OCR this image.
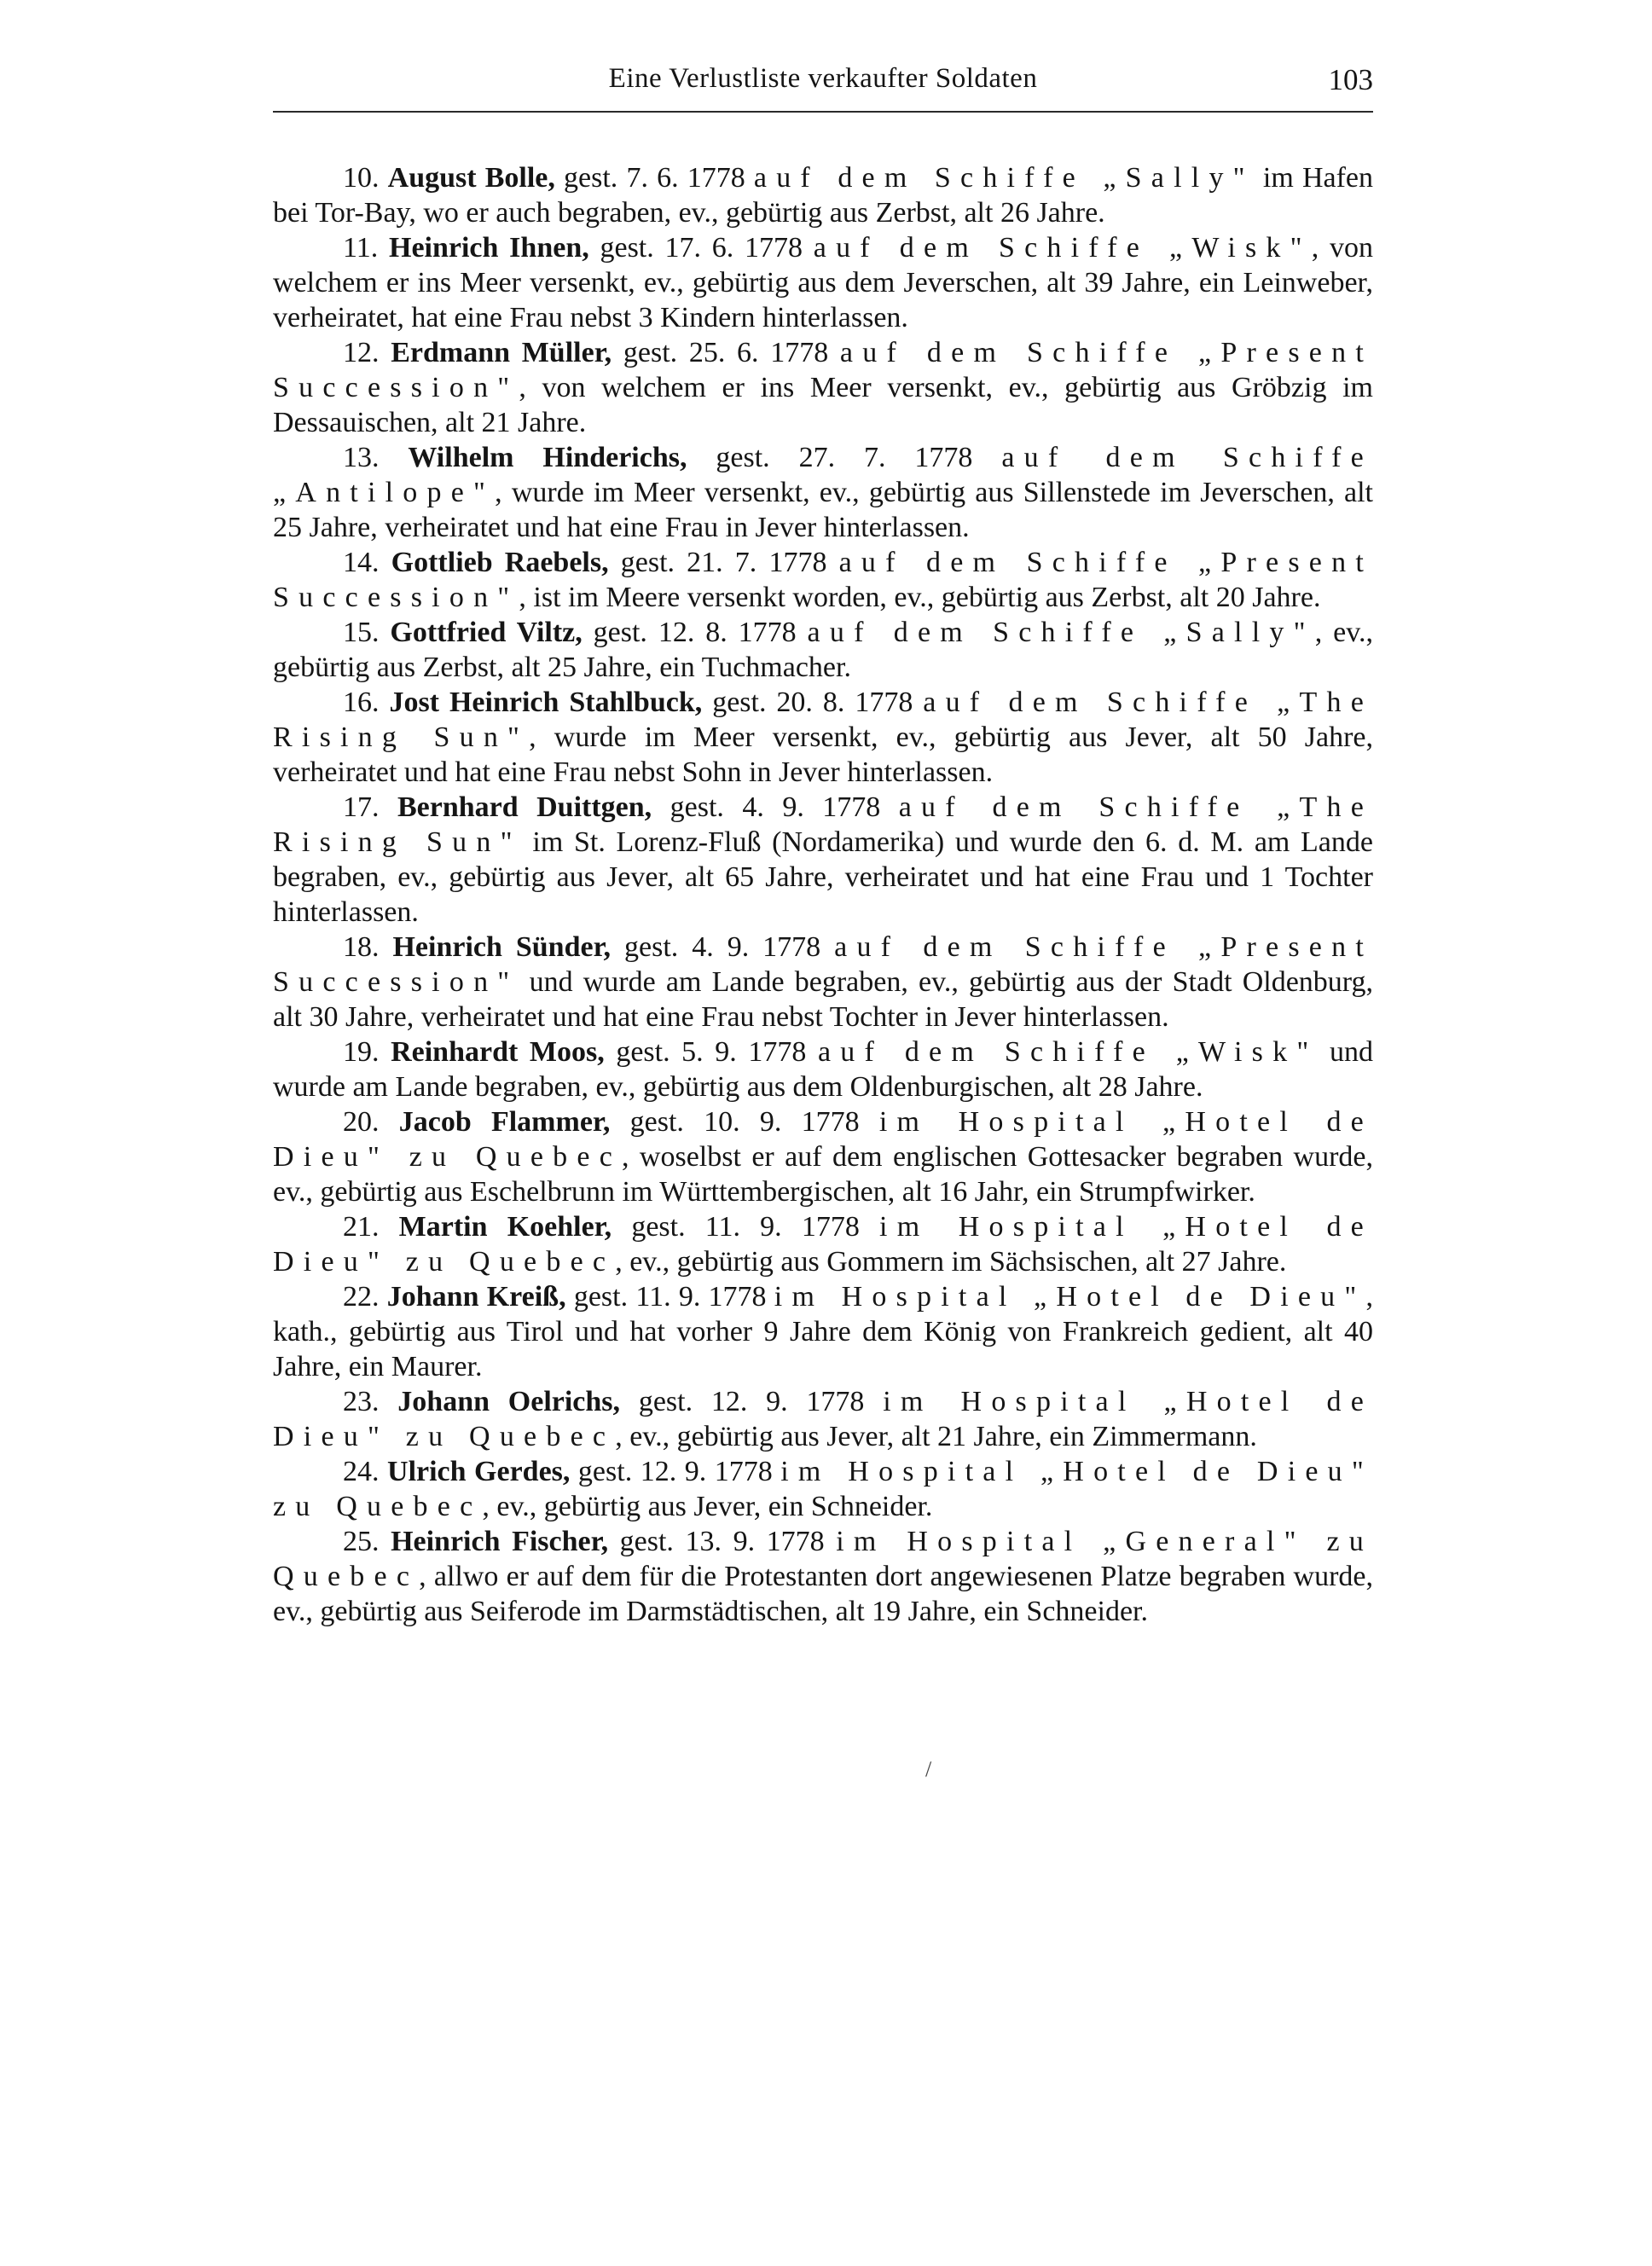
Eine Verlustliste verkaufter Soldaten	103

10. August Bolle, gest. 7. 6. 1778 auf dem Schiffe „Sally" im Hafen bei Tor-Bay, wo er auch begraben, ev., gebürtig aus Zerbst, alt 26 Jahre.

11. Heinrich Ihnen, gest. 17. 6. 1778 auf dem Schiffe „Wisk", von welchem er ins Meer versenkt, ev., gebürtig aus dem Jeverschen, alt 39 Jahre, ein Leinweber, verheiratet, hat eine Frau nebst 3 Kindern hinterlassen.

12. Erdmann Müller, gest. 25. 6. 1778 auf dem Schiffe „Present Succession", von welchem er ins Meer versenkt, ev., gebürtig aus Gröbzig im Dessauischen, alt 21 Jahre.

13. Wilhelm Hinderichs, gest. 27. 7. 1778 auf dem Schiffe „Antilope", wurde im Meer versenkt, ev., gebürtig aus Sillenstede im Jeverschen, alt 25 Jahre, verheiratet und hat eine Frau in Jever hinterlassen.

14. Gottlieb Raebels, gest. 21. 7. 1778 auf dem Schiffe „Present Succession", ist im Meere versenkt worden, ev., gebürtig aus Zerbst, alt 20 Jahre.

15. Gottfried Viltz, gest. 12. 8. 1778 auf dem Schiffe „Sally", ev., gebürtig aus Zerbst, alt 25 Jahre, ein Tuchmacher.

16. Jost Heinrich Stahlbuck, gest. 20. 8. 1778 auf dem Schiffe „The Rising Sun", wurde im Meer versenkt, ev., gebürtig aus Jever, alt 50 Jahre, verheiratet und hat eine Frau nebst Sohn in Jever hinterlassen.

17. Bernhard Duittgen, gest. 4. 9. 1778 auf dem Schiffe „The Rising Sun" im St. Lorenz-Fluß (Nordamerika) und wurde den 6. d. M. am Lande begraben, ev., gebürtig aus Jever, alt 65 Jahre, verheiratet und hat eine Frau und 1 Tochter hinterlassen.

18. Heinrich Sünder, gest. 4. 9. 1778 auf dem Schiffe „Present Succession" und wurde am Lande begraben, ev., gebürtig aus der Stadt Oldenburg, alt 30 Jahre, verheiratet und hat eine Frau nebst Tochter in Jever hinterlassen.

19. Reinhardt Moos, gest. 5. 9. 1778 auf dem Schiffe „Wisk" und wurde am Lande begraben, ev., gebürtig aus dem Oldenburgischen, alt 28 Jahre.

20. Jacob Flammer, gest. 10. 9. 1778 im Hospital „Hotel de Dieu" zu Quebec, woselbst er auf dem englischen Gottesacker begraben wurde, ev., gebürtig aus Eschelbrunn im Württembergischen, alt 16 Jahr, ein Strumpfwirker.

21. Martin Koehler, gest. 11. 9. 1778 im Hospital „Hotel de Dieu" zu Quebec, ev., gebürtig aus Gommern im Sächsischen, alt 27 Jahre.

22. Johann Kreiß, gest. 11. 9. 1778 im Hospital „Hotel de Dieu", kath., gebürtig aus Tirol und hat vorher 9 Jahre dem König von Frankreich gedient, alt 40 Jahre, ein Maurer.

23. Johann Oelrichs, gest. 12. 9. 1778 im Hospital „Hotel de Dieu" zu Quebec, ev., gebürtig aus Jever, alt 21 Jahre, ein Zimmermann.

24. Ulrich Gerdes, gest. 12. 9. 1778 im Hospital „Hotel de Dieu" zu Quebec, ev., gebürtig aus Jever, ein Schneider.

25. Heinrich Fischer, gest. 13. 9. 1778 im Hospital „General" zu Quebec, allwo er auf dem für die Protestanten dort angewiesenen Platze begraben wurde, ev., gebürtig aus Seiferode im Darmstädtischen, alt 19 Jahre, ein Schneider.

/
